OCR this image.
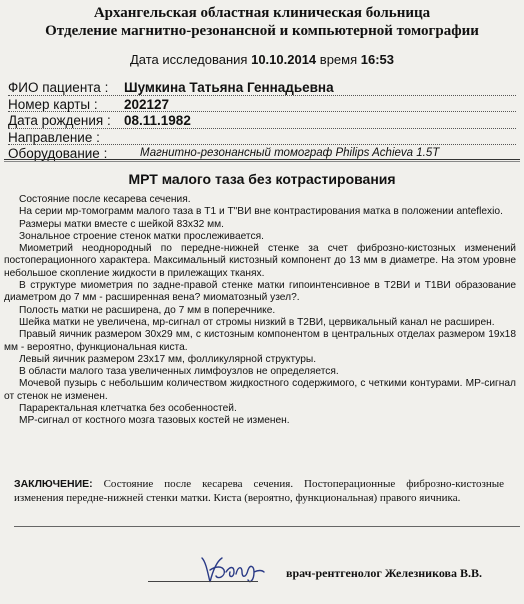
Архангельская областная клиническая больница
Отделение магнитно-резонансной и компьютерной томографии
Дата исследования 10.10.2014 время 16:53
ФИО пациента : Шумкина Татьяна Геннадьевна
Номер карты : 202127
Дата рождения : 08.11.1982
Направление :
Оборудование :	Магнитно-резонансный томограф Philips Achieva 1.5T
МРТ малого таза без котрастирования

Состояние после кесарева сечения.

На серии мр-томограмм малого таза в T1 и T"ВИ вне контрастирования матка в положении anteflexio.

Размеры матки вместе с шейкой 83х32 мм.

Зональное строение стенок матки прослеживается.

Миометрий неоднородный по передне-нижней стенке за счет фиброзно-кистозных изменений постоперационного характера. Максимальный кистозный компонент до 13 мм в диаметре. На этом уровне небольшое скопление жидкости в прилежащих тканях.

В структуре миометрия по задне-правой стенке матки гипоинтенсивное в T2ВИ и T1ВИ образование диаметром до 7 мм - расширенная вена? миоматозный узел?.

Полость матки не расширена, до 7 мм в поперечнике.

Шейка матки не увеличена, мр-сигнал от стромы низкий в T2ВИ, цервикальный канал не расширен.

Правый яичник размером 30х29 мм, с кистозным компонентом в центральных отделах размером 19х18 мм - вероятно, функциональная киста.

Левый яичник размером 23х17 мм, фолликулярной структуры.

В области малого таза увеличенных лимфоузлов не определяется.

Мочевой пузырь с небольшим количеством жидкостного содержимого, с четкими контурами. МР-сигнал от стенок не изменен.

Параректальная клетчатка без особенностей.

МР-сигнал от костного мозга тазовых костей не изменен.

ЗАКЛЮЧЕНИЕ: Состояние после кесарева сечения. Постоперационные фиброзно-кистозные изменения передне-нижней стенки матки. Киста (вероятно, функциональная) правого яичника.
врач-рентгенолог Железникова В.В.
